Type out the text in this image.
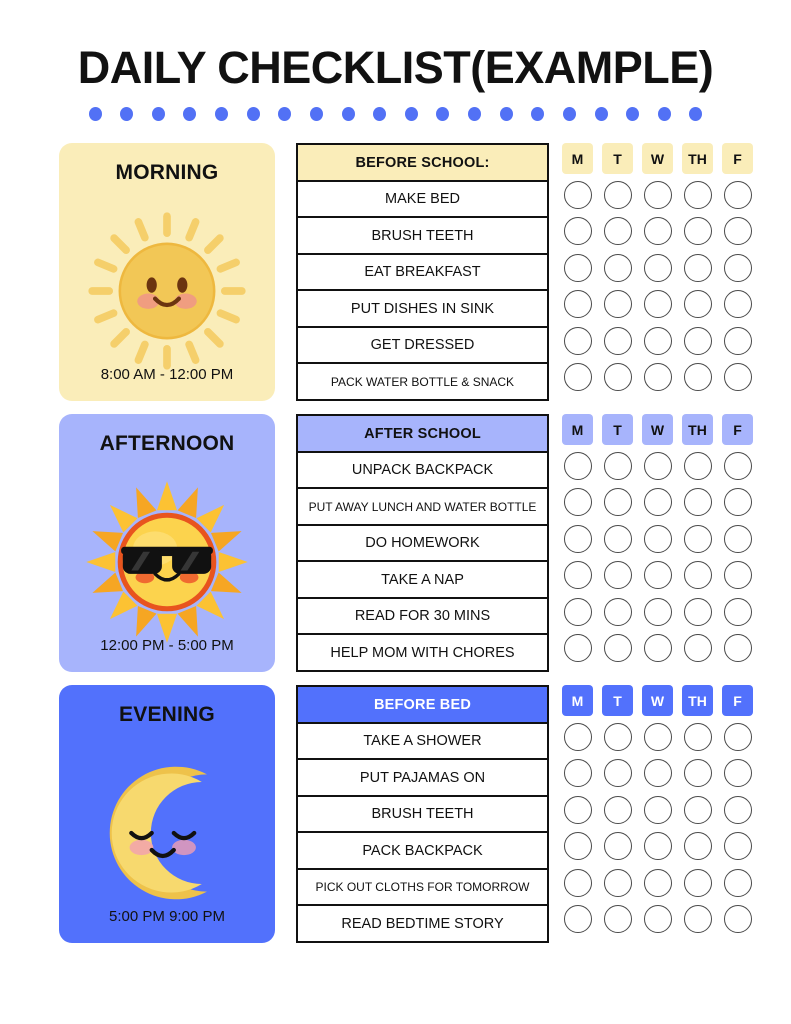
DAILY CHECKLIST(EXAMPLE)
MORNING
8:00 AM - 12:00 PM
BEFORE SCHOOL:
MAKE BED
BRUSH TEETH
EAT BREAKFAST
PUT DISHES IN SINK
GET DRESSED
PACK WATER BOTTLE & SNACK
M	T	W	TH	F
AFTERNOON
12:00 PM - 5:00 PM
AFTER SCHOOL
UNPACK BACKPACK
PUT AWAY LUNCH AND WATER BOTTLE
DO HOMEWORK
TAKE A NAP
READ FOR 30 MINS
HELP MOM WITH CHORES
M	T	W	TH	F
EVENING
5:00 PM 9:00 PM
BEFORE BED
TAKE A SHOWER
PUT PAJAMAS ON
BRUSH TEETH
PACK BACKPACK
PICK OUT CLOTHS FOR TOMORROW
READ BEDTIME STORY
M	T	W	TH	F
